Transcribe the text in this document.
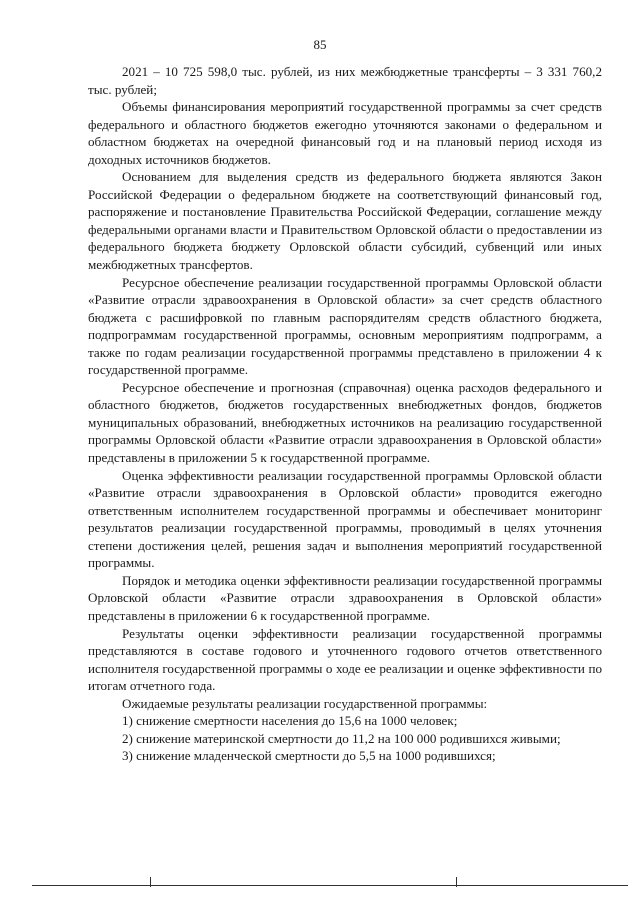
85

2021 – 10 725 598,0 тыс. рублей, из них межбюджетные трансферты – 3 331 760,2 тыс. рублей;

Объемы финансирования мероприятий государственной программы за счет средств федерального и областного бюджетов ежегодно уточняются законами о федеральном и областном бюджетах на очередной финансовый год и на плановый период исходя из доходных источников бюджетов.

Основанием для выделения средств из федерального бюджета являются Закон Российской Федерации о федеральном бюджете на соответствующий финансовый год, распоряжение и постановление Правительства Российской Федерации, соглашение между федеральными органами власти и Правительством Орловской области о предоставлении из федерального бюджета бюджету Орловской области субсидий, субвенций или иных межбюджетных трансфертов.

Ресурсное обеспечение реализации государственной программы Орловской области «Развитие отрасли здравоохранения в Орловской области» за счет средств областного бюджета с расшифровкой по главным распорядителям средств областного бюджета, подпрограммам государственной программы, основным мероприятиям подпрограмм, а также по годам реализации государственной программы представлено в приложении 4 к государственной программе.

Ресурсное обеспечение и прогнозная (справочная) оценка расходов федерального и областного бюджетов, бюджетов государственных внебюджетных фондов, бюджетов муниципальных образований, внебюджетных источников на реализацию государственной программы Орловской области «Развитие отрасли здравоохранения в Орловской области» представлены в приложении 5 к государственной программе.

Оценка эффективности реализации государственной программы Орловской области «Развитие отрасли здравоохранения в Орловской области» проводится ежегодно ответственным исполнителем государственной программы и обеспечивает мониторинг результатов реализации государственной программы, проводимый в целях уточнения степени достижения целей, решения задач и выполнения мероприятий государственной программы.

Порядок и методика оценки эффективности реализации государственной программы Орловской области «Развитие отрасли здравоохранения в Орловской области» представлены в приложении 6 к государственной программе.

Результаты оценки эффективности реализации государственной программы представляются в составе годового и уточненного годового отчетов ответственного исполнителя государственной программы о ходе ее реализации и оценке эффективности по итогам отчетного года.

Ожидаемые результаты реализации государственной программы:

1) снижение смертности населения до 15,6 на 1000 человек;

2) снижение материнской смертности до 11,2 на 100 000 родившихся живыми;

3) снижение младенческой смертности до 5,5 на 1000 родившихся;
